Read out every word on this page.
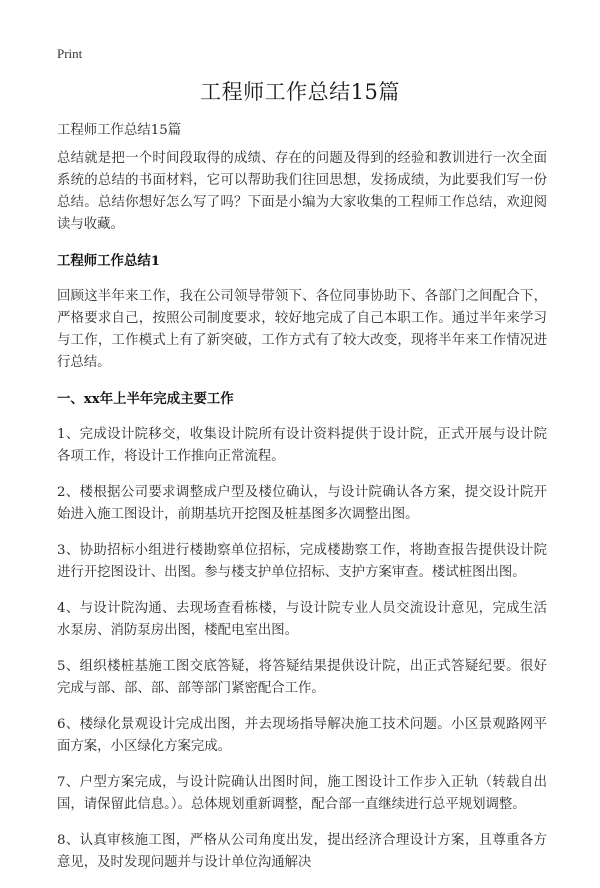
Print
工程师工作总结15篇

工程师工作总结15篇

总结就是把一个时间段取得的成绩、存在的问题及得到的经验和教训进行一次全面系统的总结的书面材料，它可以帮助我们往回思想，发扬成绩，为此要我们写一份总结。总结你想好怎么写了吗？下面是小编为大家收集的工程师工作总结，欢迎阅读与收藏。

工程师工作总结1

回顾这半年来工作，我在公司领导带领下、各位同事协助下、各部门之间配合下，严格要求自己，按照公司制度要求，较好地完成了自己本职工作。通过半年来学习与工作，工作模式上有了新突破，工作方式有了较大改变，现将半年来工作情况进行总结。

一、xx年上半年完成主要工作

1、完成设计院移交，收集设计院所有设计资料提供于设计院，正式开展与设计院各项工作，将设计工作推向正常流程。

2、楼根据公司要求调整成户型及楼位确认，与设计院确认各方案，提交设计院开始进入施工图设计，前期基坑开挖图及桩基图多次调整出图。

3、协助招标小组进行楼勘察单位招标，完成楼勘察工作，将勘查报告提供设计院进行开挖图设计、出图。参与楼支护单位招标、支护方案审查。楼试桩图出图。

4、与设计院沟通、去现场查看栋楼，与设计院专业人员交流设计意见，完成生活水泵房、消防泵房出图，楼配电室出图。

5、组织楼桩基施工图交底答疑，将答疑结果提供设计院，出正式答疑纪要。很好完成与部、部、部、部等部门紧密配合工作。

6、楼绿化景观设计完成出图，并去现场指导解决施工技术问题。小区景观路网平面方案，小区绿化方案完成。

7、户型方案完成，与设计院确认出图时间，施工图设计工作步入正轨（转载自出国，请保留此信息。）。总体规划重新调整，配合部一直继续进行总平规划调整。

8、认真审核施工图，严格从公司角度出发，提出经济合理设计方案，且尊重各方意见，及时发现问题并与设计单位沟通解决
